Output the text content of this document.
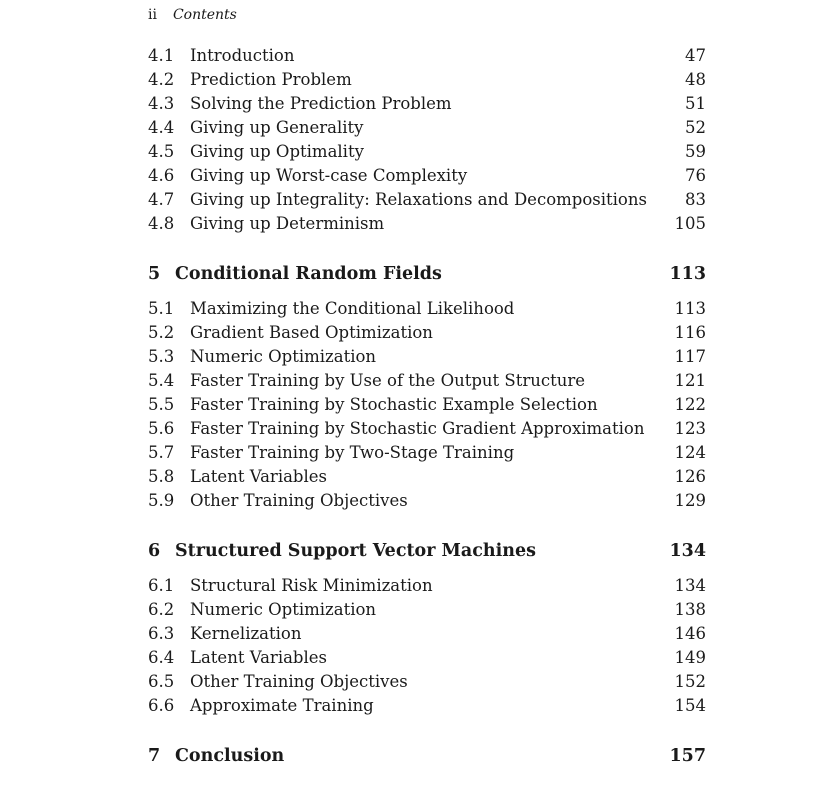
ii Contents
4.1 Introduction	47
4.2 Prediction Problem	48
4.3 Solving the Prediction Problem	51
4.4 Giving up Generality	52
4.5 Giving up Optimality	59
4.6 Giving up Worst-case Complexity	76
4.7 Giving up Integrality: Relaxations and Decompositions	83
4.8 Giving up Determinism	105
5 Conditional Random Fields	113
5.1 Maximizing the Conditional Likelihood	113
5.2 Gradient Based Optimization	116
5.3 Numeric Optimization	117
5.4 Faster Training by Use of the Output Structure	121
5.5 Faster Training by Stochastic Example Selection	122
5.6 Faster Training by Stochastic Gradient Approximation	123
5.7 Faster Training by Two-Stage Training	124
5.8 Latent Variables	126
5.9 Other Training Objectives	129
6 Structured Support Vector Machines	134
6.1 Structural Risk Minimization	134
6.2 Numeric Optimization	138
6.3 Kernelization	146
6.4 Latent Variables	149
6.5 Other Training Objectives	152
6.6 Approximate Training	154
7 Conclusion	157
